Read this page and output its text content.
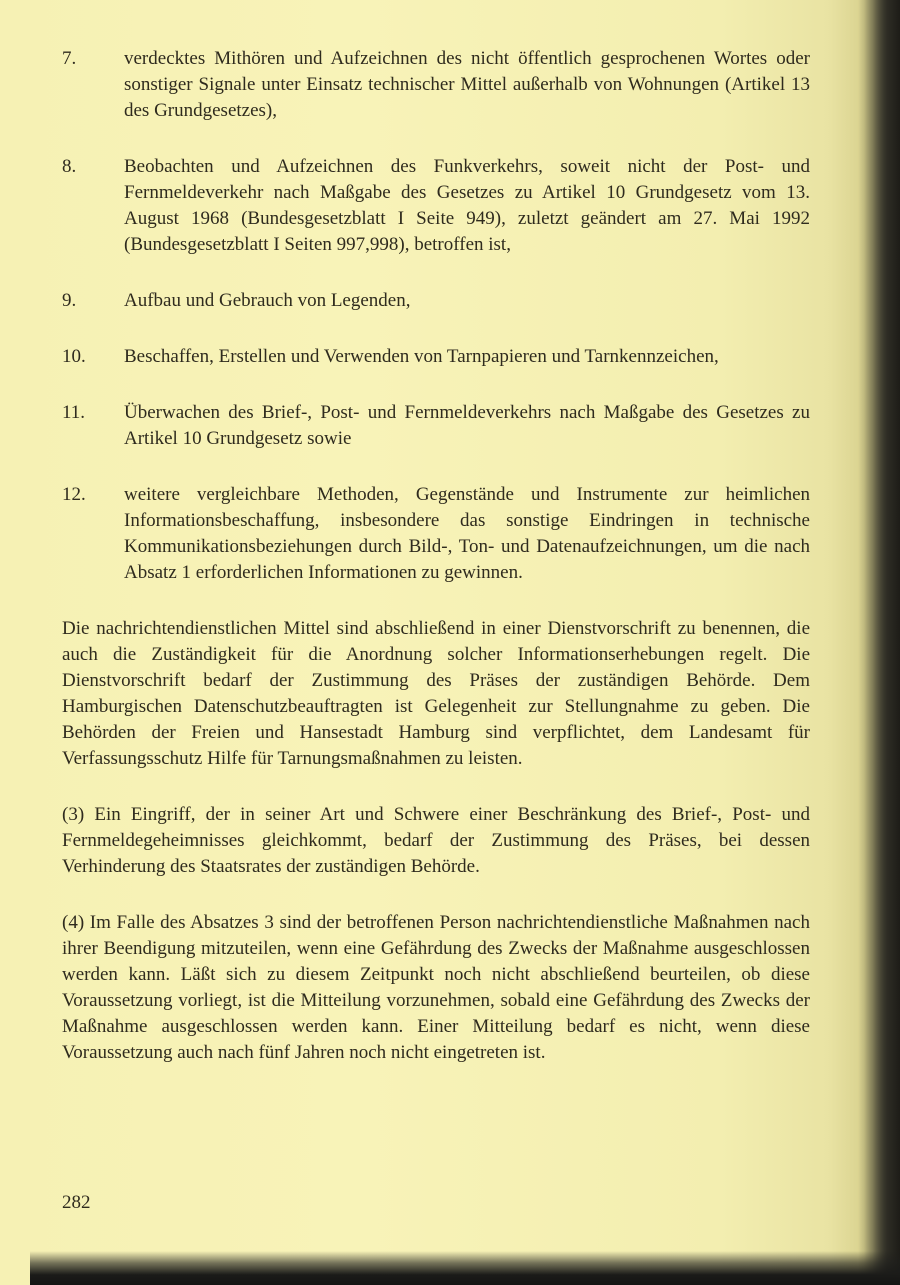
7.	verdecktes Mithören und Aufzeichnen des nicht öffentlich gesprochenen Wortes oder sonstiger Signale unter Einsatz technischer Mittel außerhalb von Wohnungen (Artikel 13 des Grundgesetzes),
8.	Beobachten und Aufzeichnen des Funkverkehrs, soweit nicht der Post- und Fernmeldeverkehr nach Maßgabe des Gesetzes zu Artikel 10 Grundgesetz vom 13. August 1968 (Bundesgesetzblatt I Seite 949), zuletzt geändert am 27. Mai 1992 (Bundesgesetzblatt I Seiten 997,998), betroffen ist,
9.	Aufbau und Gebrauch von Legenden,
10.	Beschaffen, Erstellen und Verwenden von Tarnpapieren und Tarnkennzeichen,
11.	Überwachen des Brief-, Post- und Fernmeldeverkehrs nach Maßgabe des Gesetzes zu Artikel 10 Grundgesetz sowie
12.	weitere vergleichbare Methoden, Gegenstände und Instrumente zur heimlichen Informationsbeschaffung, insbesondere das sonstige Eindringen in technische Kommunikationsbeziehungen durch Bild-, Ton- und Datenaufzeichnungen, um die nach Absatz 1 erforderlichen Informationen zu gewinnen.

Die nachrichtendienstlichen Mittel sind abschließend in einer Dienstvorschrift zu benennen, die auch die Zuständigkeit für die Anordnung solcher Informationserhebungen regelt. Die Dienstvorschrift bedarf der Zustimmung des Präses der zuständigen Behörde. Dem Hamburgischen Datenschutzbeauftragten ist Gelegenheit zur Stellungnahme zu geben. Die Behörden der Freien und Hansestadt Hamburg sind verpflichtet, dem Landesamt für Verfassungsschutz Hilfe für Tarnungsmaßnahmen zu leisten.

(3) Ein Eingriff, der in seiner Art und Schwere einer Beschränkung des Brief-, Post- und Fernmeldegeheimnisses gleichkommt, bedarf der Zustimmung des Präses, bei dessen Verhinderung des Staatsrates der zuständigen Behörde.

(4) Im Falle des Absatzes 3 sind der betroffenen Person nachrichtendienstliche Maßnahmen nach ihrer Beendigung mitzuteilen, wenn eine Gefährdung des Zwecks der Maßnahme ausgeschlossen werden kann. Läßt sich zu diesem Zeitpunkt noch nicht abschließend beurteilen, ob diese Voraussetzung vorliegt, ist die Mitteilung vorzunehmen, sobald eine Gefährdung des Zwecks der Maßnahme ausgeschlossen werden kann. Einer Mitteilung bedarf es nicht, wenn diese Voraussetzung auch nach fünf Jahren noch nicht eingetreten ist.

282
